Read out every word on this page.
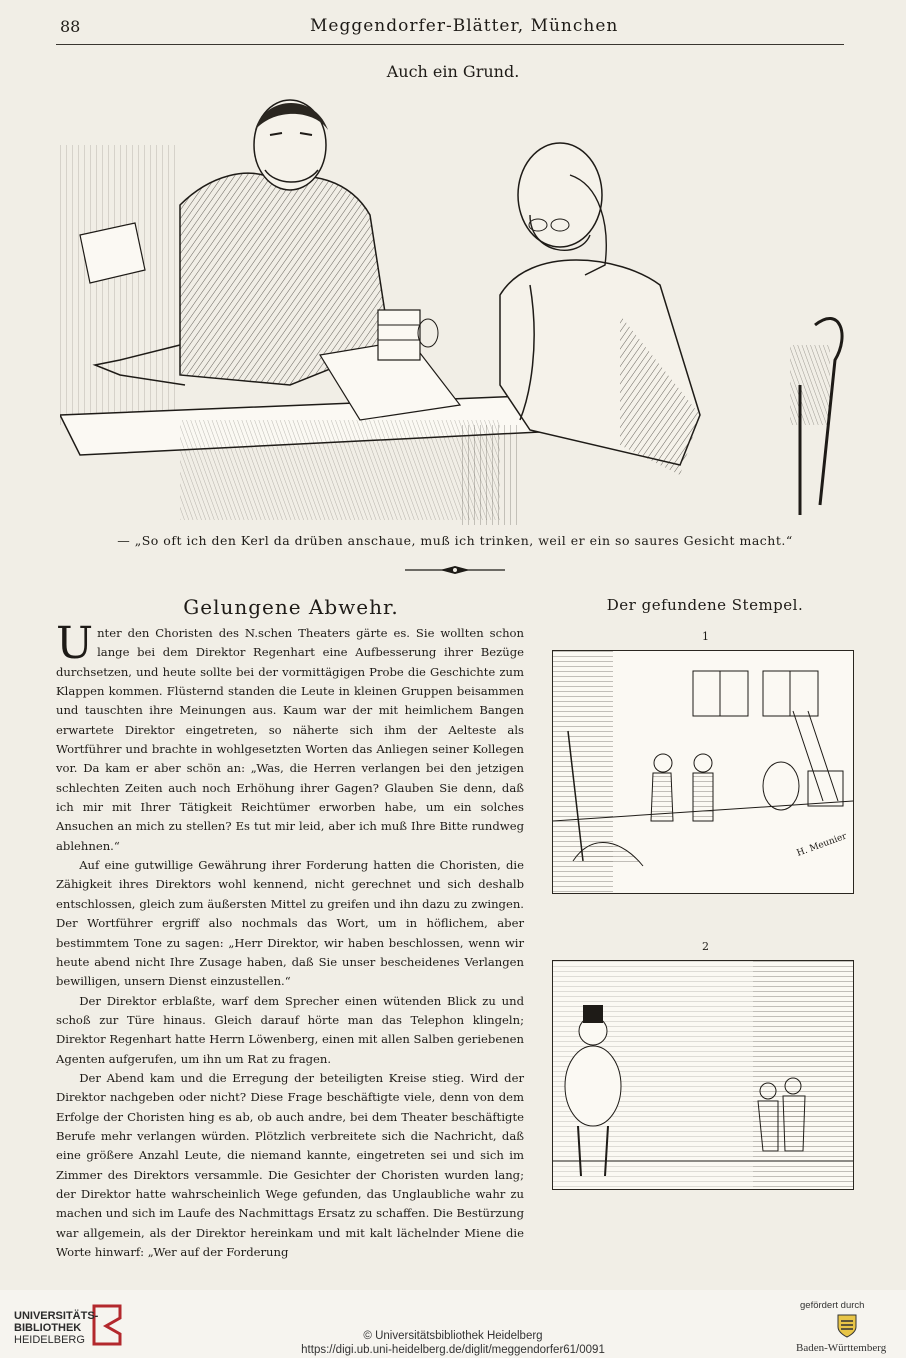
88	Meggendorfer-Blätter, München
Auch ein Grund.
— „So oft ich den Kerl da drüben anschaue, muß ich trinken, weil er ein so saures Gesicht macht.“
Gelungene Abwehr.

Unter den Choristen des N.schen Theaters gärte es. Sie wollten schon lange bei dem Direktor Regenhart eine Aufbesserung ihrer Bezüge durchsetzen, und heute sollte bei der vormittägigen Probe die Geschichte zum Klappen kommen. Flüsternd standen die Leute in kleinen Gruppen beisammen und tauschten ihre Meinungen aus. Kaum war der mit heimlichem Bangen erwartete Direktor eingetreten, so näherte sich ihm der Aelteste als Wortführer und brachte in wohlgesetzten Worten das Anliegen seiner Kollegen vor. Da kam er aber schön an: „Was, die Herren verlangen bei den jetzigen schlechten Zeiten auch noch Erhöhung ihrer Gagen? Glauben Sie denn, daß ich mir mit Ihrer Tätigkeit Reichtümer erworben habe, um ein solches Ansuchen an mich zu stellen? Es tut mir leid, aber ich muß Ihre Bitte rundweg ablehnen.“

Auf eine gutwillige Gewährung ihrer Forderung hatten die Choristen, die Zähigkeit ihres Direktors wohl kennend, nicht gerechnet und sich deshalb entschlossen, gleich zum äußersten Mittel zu greifen und ihn dazu zu zwingen. Der Wortführer ergriff also nochmals das Wort, um in höflichem, aber bestimmtem Tone zu sagen: „Herr Direktor, wir haben beschlossen, wenn wir heute abend nicht Ihre Zusage haben, daß Sie unser bescheidenes Verlangen bewilligen, unsern Dienst einzustellen.“

Der Direktor erblaßte, warf dem Sprecher einen wütenden Blick zu und schoß zur Türe hinaus. Gleich darauf hörte man das Telephon klingeln; Direktor Regenhart hatte Herrn Löwenberg, einen mit allen Salben geriebenen Agenten aufgerufen, um ihn um Rat zu fragen.

Der Abend kam und die Erregung der beteiligten Kreise stieg. Wird der Direktor nachgeben oder nicht? Diese Frage beschäftigte viele, denn von dem Erfolge der Choristen hing es ab, ob auch andre, bei dem Theater beschäftigte Berufe mehr verlangen würden. Plötzlich verbreitete sich die Nachricht, daß eine größere Anzahl Leute, die niemand kannte, eingetreten sei und sich im Zimmer des Direktors versammle. Die Gesichter der Choristen wurden lang; der Direktor hatte wahrscheinlich Wege gefunden, das Unglaubliche wahr zu machen und sich im Laufe des Nachmittags Ersatz zu schaffen. Die Bestürzung war allgemein, als der Direktor hereinkam und mit kalt lächelnder Miene die Worte hinwarf: „Wer auf der Forderung

Der gefundene Stempel.
1
H. Meunier
2
UNIVERSITÄTS-
BIBLIOTHEK
HEIDELBERG	© Universitätsbibliothek Heidelberg
https://digi.ub.uni-heidelberg.de/diglit/meggendorfer61/0091
gefördert durch
Baden-Württemberg
